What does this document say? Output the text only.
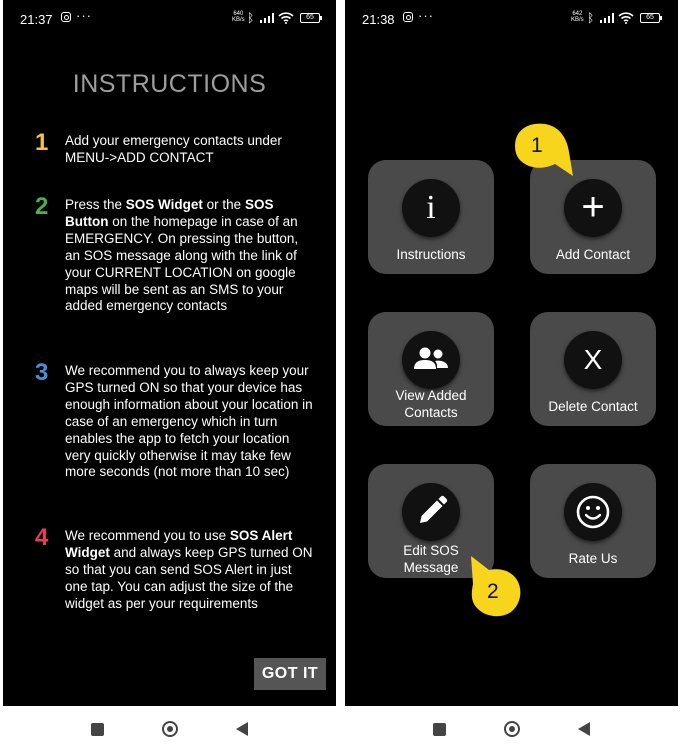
21:37 ···	640
KB/s ᛒ	65
INSTRUCTIONS
1 Add your emergency contacts under MENU->ADD CONTACT
2 Press the SOS Widget or the SOS Button on the homepage in case of an EMERGENCY. On pressing the button, an SOS message along with the link of your CURRENT LOCATION on google maps will be sent as an SMS to your added emergency contacts
3 We recommend you to always keep your GPS turned ON so that your device has enough information about your location in case of an emergency which in turn enables the app to fetch your location very quickly otherwise it may take few more seconds (not more than 10 sec)
4 We recommend you to use SOS Alert Widget and always keep GPS turned ON so that you can send SOS Alert in just one tap. You can adjust the size of the widget as per your requirements
GOT IT
21:38 ···	642
KB/s ᛒ	65
i
Instructions
+
Add Contact
View Added
Contacts
X
Delete Contact
Edit SOS
Message
Rate Us
1
2
